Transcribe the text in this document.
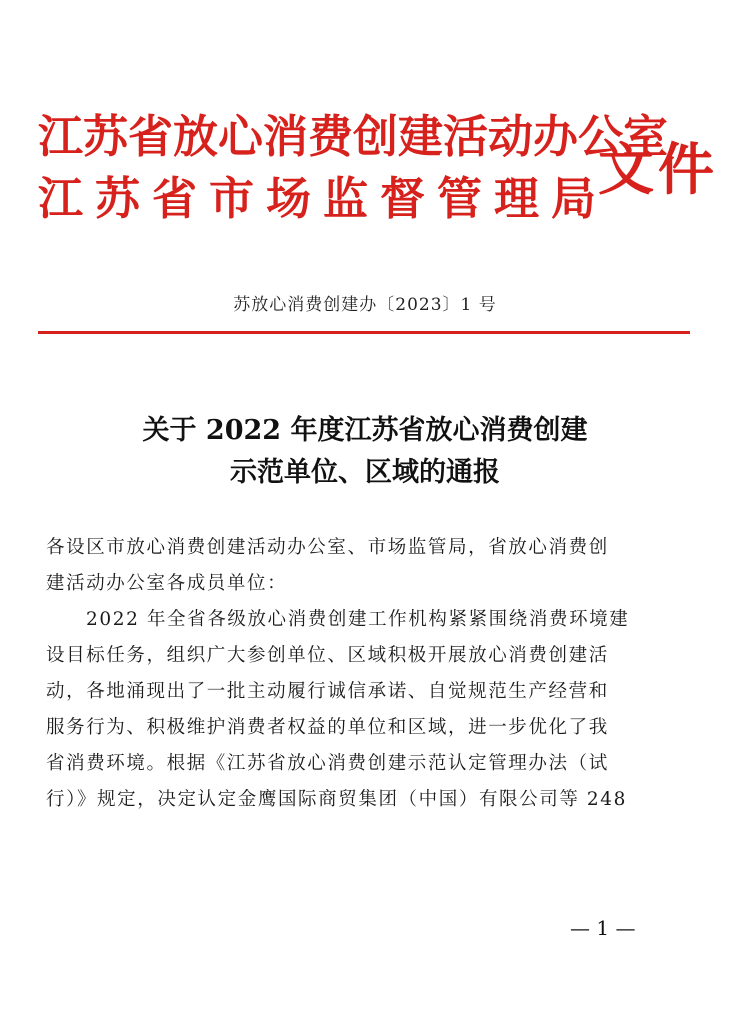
江苏省放心消费创建活动办公室
江苏省市场监督管理局
文件
苏放心消费创建办〔2023〕1 号
关于 2022 年度江苏省放心消费创建
示范单位、区域的通报
各设区市放心消费创建活动办公室、市场监管局，省放心消费创
建活动办公室各成员单位：
2022 年全省各级放心消费创建工作机构紧紧围绕消费环境建
设目标任务，组织广大参创单位、区域积极开展放心消费创建活
动，各地涌现出了一批主动履行诚信承诺、自觉规范生产经营和
服务行为、积极维护消费者权益的单位和区域，进一步优化了我
省消费环境。根据《江苏省放心消费创建示范认定管理办法（试
行）》规定，决定认定金鹰国际商贸集团（中国）有限公司等 248
— 1 —
